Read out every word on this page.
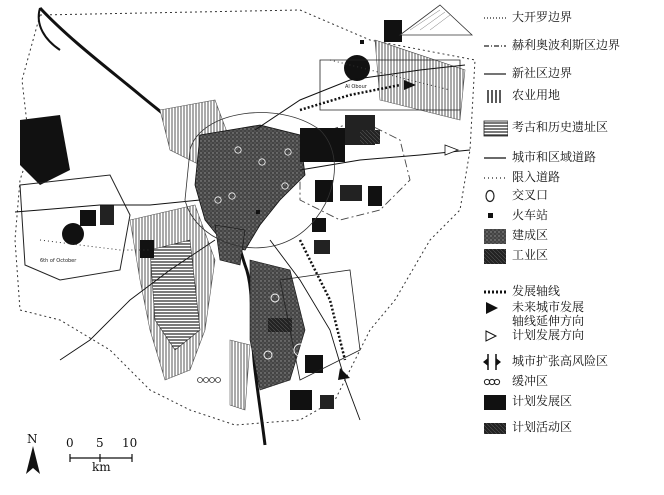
6th of October
Al Obour
N 0 5 10
km
大开罗边界
赫利奥波利斯区边界
新社区边界
农业用地
考古和历史遗址区
城市和区域道路
限入道路
交叉口
火车站
建成区
工业区
发展轴线
未来城市发展
轴线延伸方向
计划发展方向
城市扩张高风险区
缓冲区
计划发展区
计划活动区
